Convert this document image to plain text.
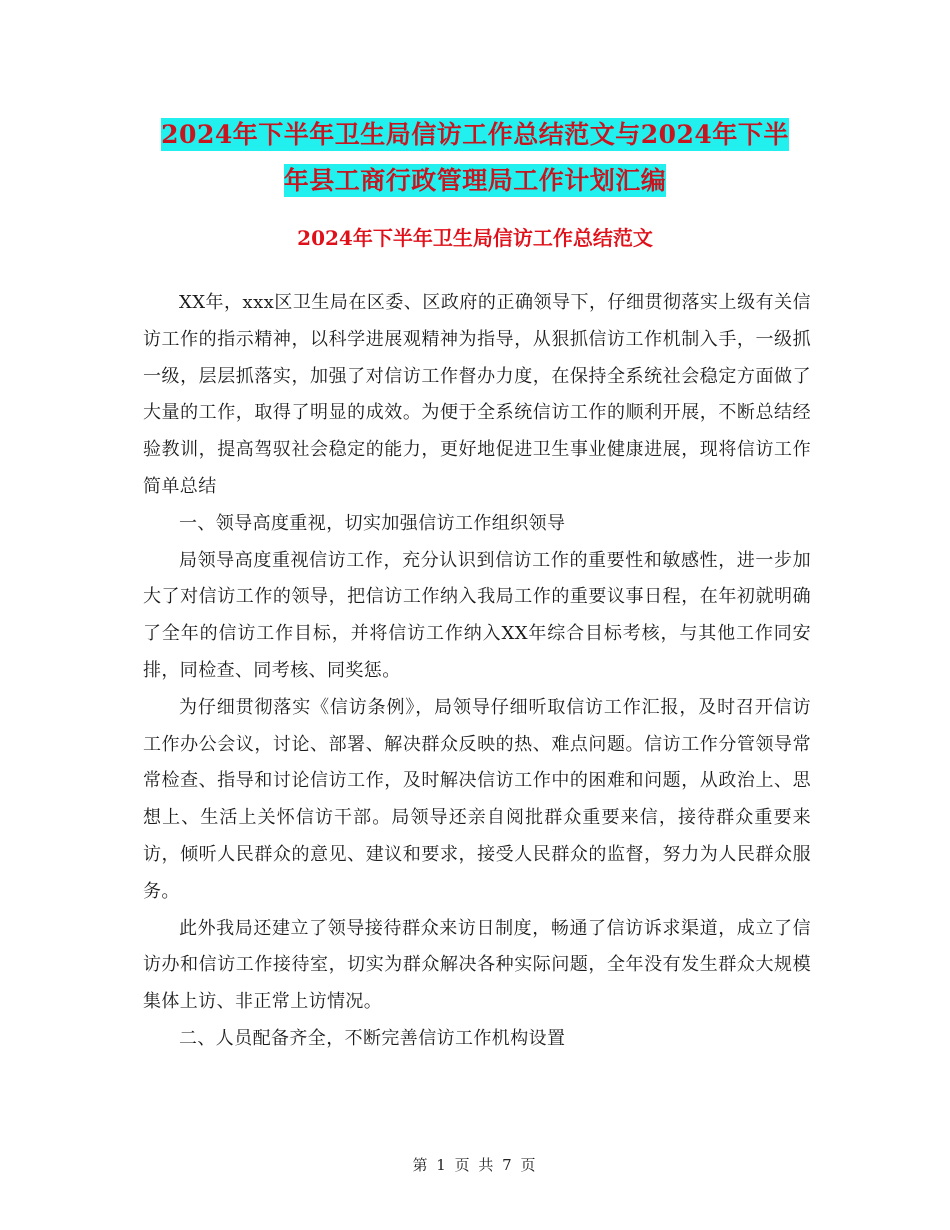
2024年下半年卫生局信访工作总结范文与2024年下半
年县工商行政管理局工作计划汇编
2024年下半年卫生局信访工作总结范文

XX年，xxx区卫生局在区委、区政府的正确领导下，仔细贯彻落实上级有关信访工作的指示精神，以科学进展观精神为指导，从狠抓信访工作机制入手，一级抓一级，层层抓落实，加强了对信访工作督办力度，在保持全系统社会稳定方面做了大量的工作，取得了明显的成效。为便于全系统信访工作的顺利开展，不断总结经验教训，提高驾驭社会稳定的能力，更好地促进卫生事业健康进展，现将信访工作简单总结

一、领导高度重视，切实加强信访工作组织领导

局领导高度重视信访工作，充分认识到信访工作的重要性和敏感性，进一步加大了对信访工作的领导，把信访工作纳入我局工作的重要议事日程，在年初就明确了全年的信访工作目标，并将信访工作纳入XX年综合目标考核，与其他工作同安排，同检查、同考核、同奖惩。

为仔细贯彻落实《信访条例》，局领导仔细听取信访工作汇报，及时召开信访工作办公会议，讨论、部署、解决群众反映的热、难点问题。信访工作分管领导常常检查、指导和讨论信访工作，及时解决信访工作中的困难和问题，从政治上、思想上、生活上关怀信访干部。局领导还亲自阅批群众重要来信，接待群众重要来访，倾听人民群众的意见、建议和要求，接受人民群众的监督，努力为人民群众服务。

此外我局还建立了领导接待群众来访日制度，畅通了信访诉求渠道，成立了信访办和信访工作接待室，切实为群众解决各种实际问题，全年没有发生群众大规模集体上访、非正常上访情况。

二、人员配备齐全，不断完善信访工作机构设置

第 1 页 共 7 页
